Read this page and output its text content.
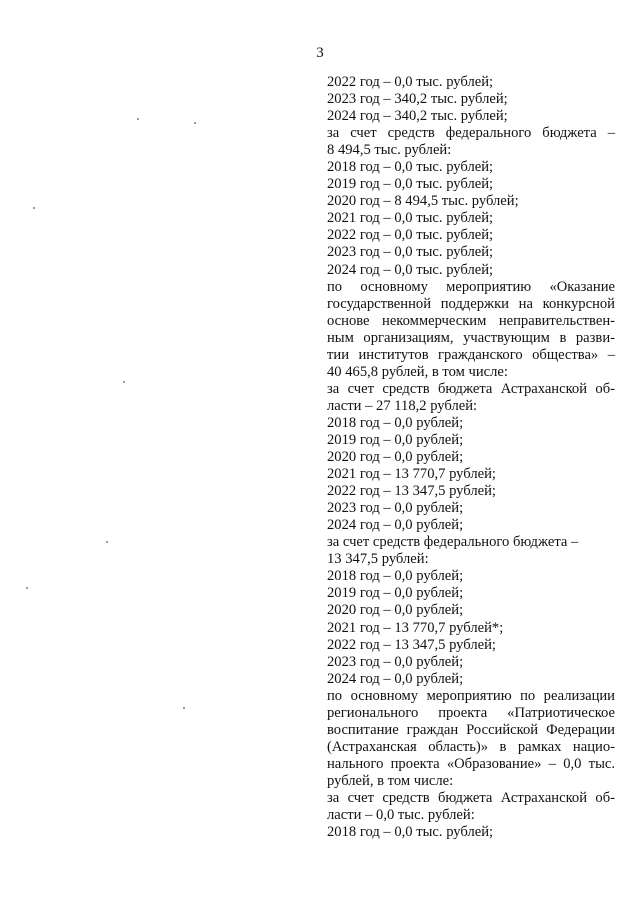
3
2022 год – 0,0 тыс. рублей;
2023 год – 340,2 тыс. рублей;
2024 год – 340,2 тыс. рублей;
за счет средств федерального бюджета –
8 494,5 тыс. рублей:
2018 год – 0,0 тыс. рублей;
2019 год – 0,0 тыс. рублей;
2020 год – 8 494,5 тыс. рублей;
2021 год – 0,0 тыс. рублей;
2022 год – 0,0 тыс. рублей;
2023 год – 0,0 тыс. рублей;
2024 год – 0,0 тыс. рублей;
по основному мероприятию «Оказание
государственной поддержки на конкурсной
основе некоммерческим неправительствен-
ным организациям, участвующим в разви-
тии институтов гражданского общества» –
40 465,8 рублей, в том числе:
за счет средств бюджета Астраханской об-
ласти – 27 118,2 рублей:
2018 год – 0,0 рублей;
2019 год – 0,0 рублей;
2020 год – 0,0 рублей;
2021 год – 13 770,7 рублей;
2022 год – 13 347,5 рублей;
2023 год – 0,0 рублей;
2024 год – 0,0 рублей;
за счет средств федерального бюджета –
13 347,5 рублей:
2018 год – 0,0 рублей;
2019 год – 0,0 рублей;
2020 год – 0,0 рублей;
2021 год – 13 770,7 рублей*;
2022 год – 13 347,5 рублей;
2023 год – 0,0 рублей;
2024 год – 0,0 рублей;
по основному мероприятию по реализации
регионального проекта «Патриотическое
воспитание граждан Российской Федерации
(Астраханская область)» в рамках нацио-
нального проекта «Образование» – 0,0 тыс.
рублей, в том числе:
за счет средств бюджета Астраханской об-
ласти – 0,0 тыс. рублей:
2018 год – 0,0 тыс. рублей;
